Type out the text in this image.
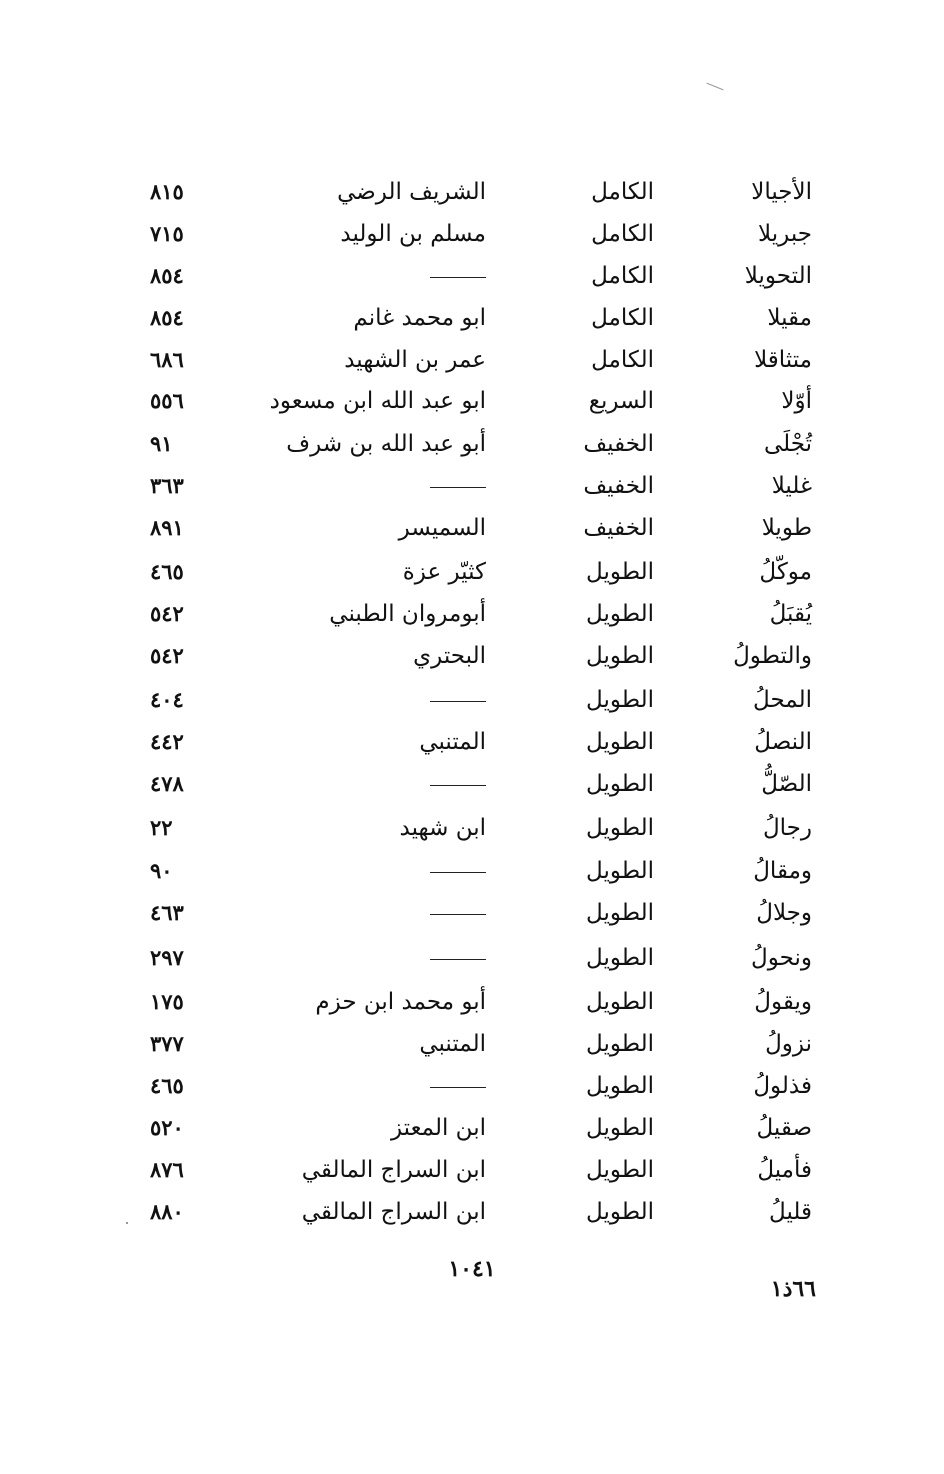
الأجيالا
الكامل
الشريف الرضي
٨١٥
جبريلا
الكامل
مسلم بن الوليد
٧١٥
التحويلا
الكامل
٨٥٤
مقيلا
الكامل
ابو محمد غانم
٨٥٤
متثاقلا
الكامل
عمر بن الشهيد
٦٨٦
أوّلا
السريع
ابو عبد الله ابن مسعود
٥٥٦
تُجْلَى
الخفيف
أبو عبد الله بن شرف
٩١
غليلا
الخفيف
٣٦٣
طويلا
الخفيف
السميسر
٨٩١
موكّلُ
الطويل
كثيّر عزة
٤٦٥
يُقبَلُ
الطويل
أبومروان الطبني
٥٤٢
والتطولُ
الطويل
البحتري
٥٤٢
المحلُ
الطويل
٤٠٤
النصلُ
الطويل
المتنبي
٤٤٢
الصّلُّ
الطويل
٤٧٨
رجالُ
الطويل
ابن شهيد
٢٢
ومقالُ
الطويل
٩٠
وجلالُ
الطويل
٤٦٣
ونحولُ
الطويل
٢٩٧
ويقولُ
الطويل
أبو محمد ابن حزم
١٧٥
نزولُ
الطويل
المتنبي
٣٧٧
فذلولُ
الطويل
٤٦٥
صقيلُ
الطويل
ابن المعتز
٥٢٠
فأميلُ
الطويل
ابن السراج المالقي
٨٧٦
قليلُ
الطويل
ابن السراج المالقي
٨٨٠
١٠٤١
٦٦ذ١
